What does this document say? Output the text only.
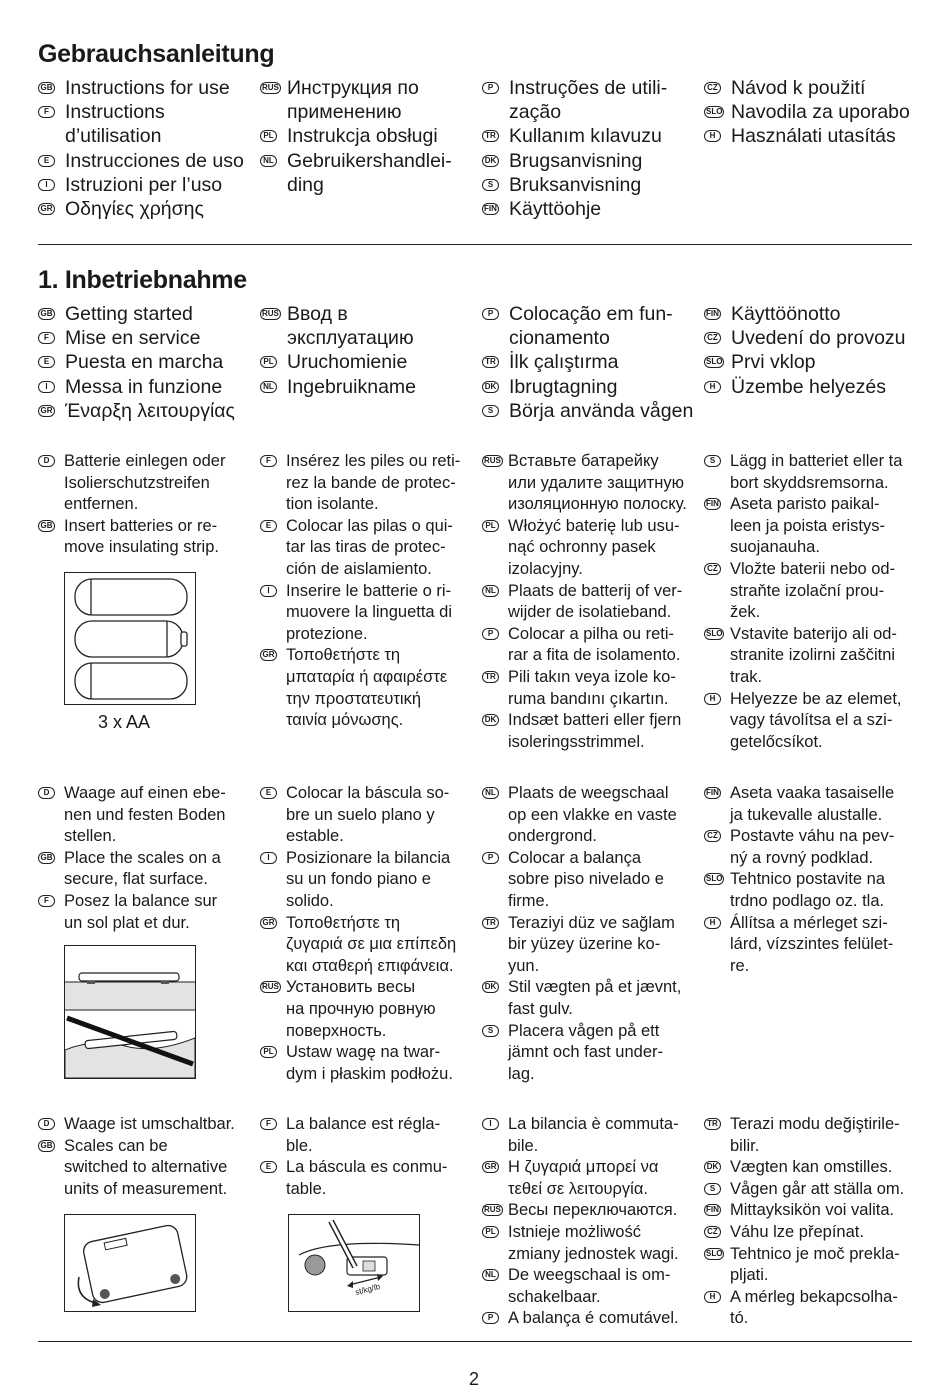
Gebrauchsanleitung
GB Instructions for use
F Instructions
d’utilisation
E Instrucciones de uso
I Istruzioni per l’uso
GR Οδηγίες χρήσης
RUS Инструкция по
применению
PL Instrukcja obsługi
NL Gebruikershandlei-
ding
P Instruções de utili-
zação
TR Kullanım kılavuzu
DK Brugsanvisning
S Bruksanvisning
FIN Käyttöohje
CZ Návod k použití
SLO Navodila za uporabo
H Használati utasítás
1. Inbetriebnahme
GB Getting started
F Mise en service
E Puesta en marcha
I Messa in funzione
GR Έναρξη λειτουργίας
RUS Ввод в
эксплуатацию
PL Uruchomienie
NL Ingebruikname
P Colocação em fun-
cionamento
TR İlk çalıştırma
DK Ibrugtagning
S Börja använda vågen
FIN Käyttöönotto
CZ Uvedení do provozu
SLO Prvi vklop
H Üzembe helyezés
D Batterie einlegen oder
Isolierschutzstreifen
entfernen.
GB Insert batteries or re-
move insulating strip.
F Insérez les piles ou reti-
rez la bande de protec-
tion isolante.
E Colocar las pilas o qui-
tar las tiras de protec-
ción de aislamiento.
I Inserire le batterie o ri-
muovere la linguetta di
protezione.
GR Τοποθετήστε τη
μπαταρία ή αφαιρέστε
την προστατευτική
ταινία μόνωσης.
RUS Вставьте батарейку
или удалите защитную
изоляционную полоску.
PL Włożyć baterię lub usu-
nąć ochronny pasek
izolacyjny.
NL Plaats de batterij of ver-
wijder de isolatieband.
P Colocar a pilha ou reti-
rar a fita de isolamento.
TR Pili takın veya izole ko-
ruma bandını çıkartın.
DK Indsæt batteri eller fjern
isoleringsstrimmel.
S Lägg in batteriet eller ta
bort skyddsremsorna.
FIN Aseta paristo paikal-
leen ja poista eristys-
suojanauha.
CZ Vložte baterii nebo od-
straňte izolační prou-
žek.
SLO Vstavite baterijo ali od-
stranite izolirni zaščitni
trak.
H Helyezze be az elemet,
vagy távolítsa el a szi-
getelőcsíkot.
3 x AA
D Waage auf einen ebe-
nen und festen Boden
stellen.
GB Place the scales on a
secure, flat surface.
F Posez la balance sur
un sol plat et dur.
E Colocar la báscula so-
bre un suelo plano y
estable.
I Posizionare la bilancia
su un fondo piano e
solido.
GR Τοποθετήστε τη
ζυγαριά σε μια επίπεδη
και σταθερή επιφάνεια.
RUS Установить весы
на прочную ровную
поверхность.
PL Ustaw wagę na twar-
dym i płaskim podłożu.
NL Plaats de weegschaal
op een vlakke en vaste
ondergrond.
P Colocar a balança
sobre piso nivelado e
firme.
TR Teraziyi düz ve sağlam
bir yüzey üzerine ko-
yun.
DK Stil vægten på et jævnt,
fast gulv.
S Placera vågen på ett
jämnt och fast under-
lag.
FIN Aseta vaaka tasaiselle
ja tukevalle alustalle.
CZ Postavte váhu na pev-
ný a rovný podklad.
SLO Tehtnico postavite na
trdno podlago oz. tla.
H Állítsa a mérleget szi-
lárd, vízszintes felület-
re.
D Waage ist umschaltbar.
GB Scales can be
switched to alternative
units of measurement.
F La balance est régla-
ble.
E La báscula es conmu-
table.
I La bilancia è commuta-
bile.
GR Η ζυγαριά μπορεί να
τεθεί σε λειτουργία.
RUS Весы переключаются.
PL Istnieje możliwość
zmiany jednostek wagi.
NL De weegschaal is om-
schakelbaar.
P A balança é comutável.
TR Terazi modu değiştirile-
bilir.
DK Vægten kan omstilles.
S Vågen går att ställa om.
FIN Mittayksikön voi valita.
CZ Váhu lze přepínat.
SLO Tehtnico je moč prekla-
pljati.
H A mérleg bekapcsolha-
tó.
st/kg/lb
2
